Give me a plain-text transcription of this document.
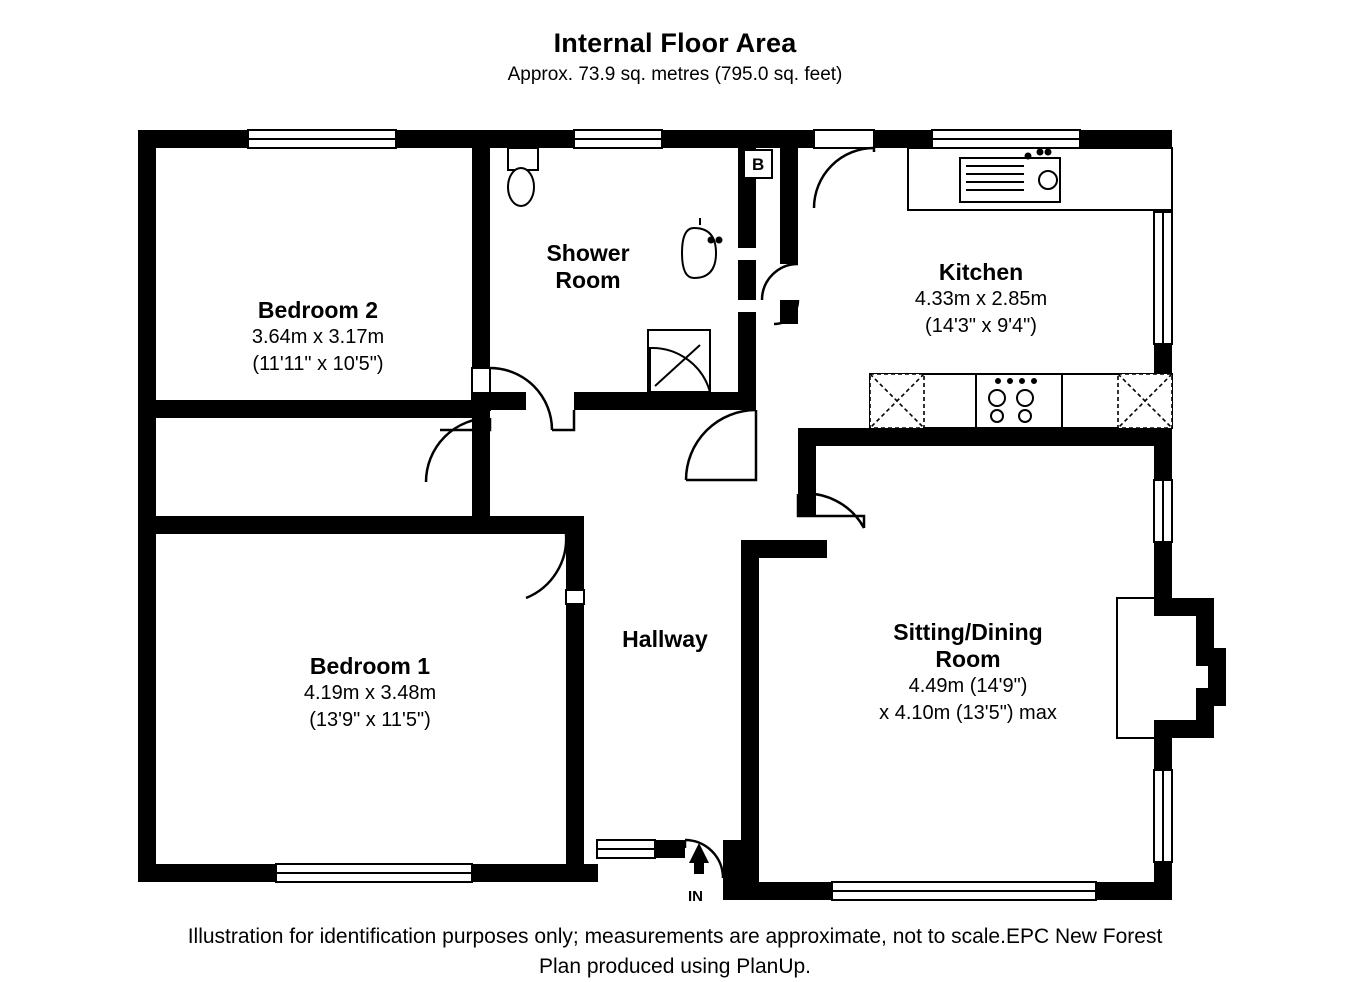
Internal Floor Area
Approx. 73.9 sq. metres (795.0 sq. feet)
Bedroom 2
3.64m x 3.17m
(11'11" x 10'5")
Bedroom 1
4.19m x 3.48m
(13'9" x 11'5")
Shower
Room	Kitchen
4.33m x 2.85m
(14'3" x 9'4")
Sitting/Dining
Room
4.49m (14'9")
x 4.10m (13'5") max
Hallway
B
IN
Illustration for identification purposes only; measurements are approximate, not to scale.EPC New Forest
Plan produced using PlanUp.
